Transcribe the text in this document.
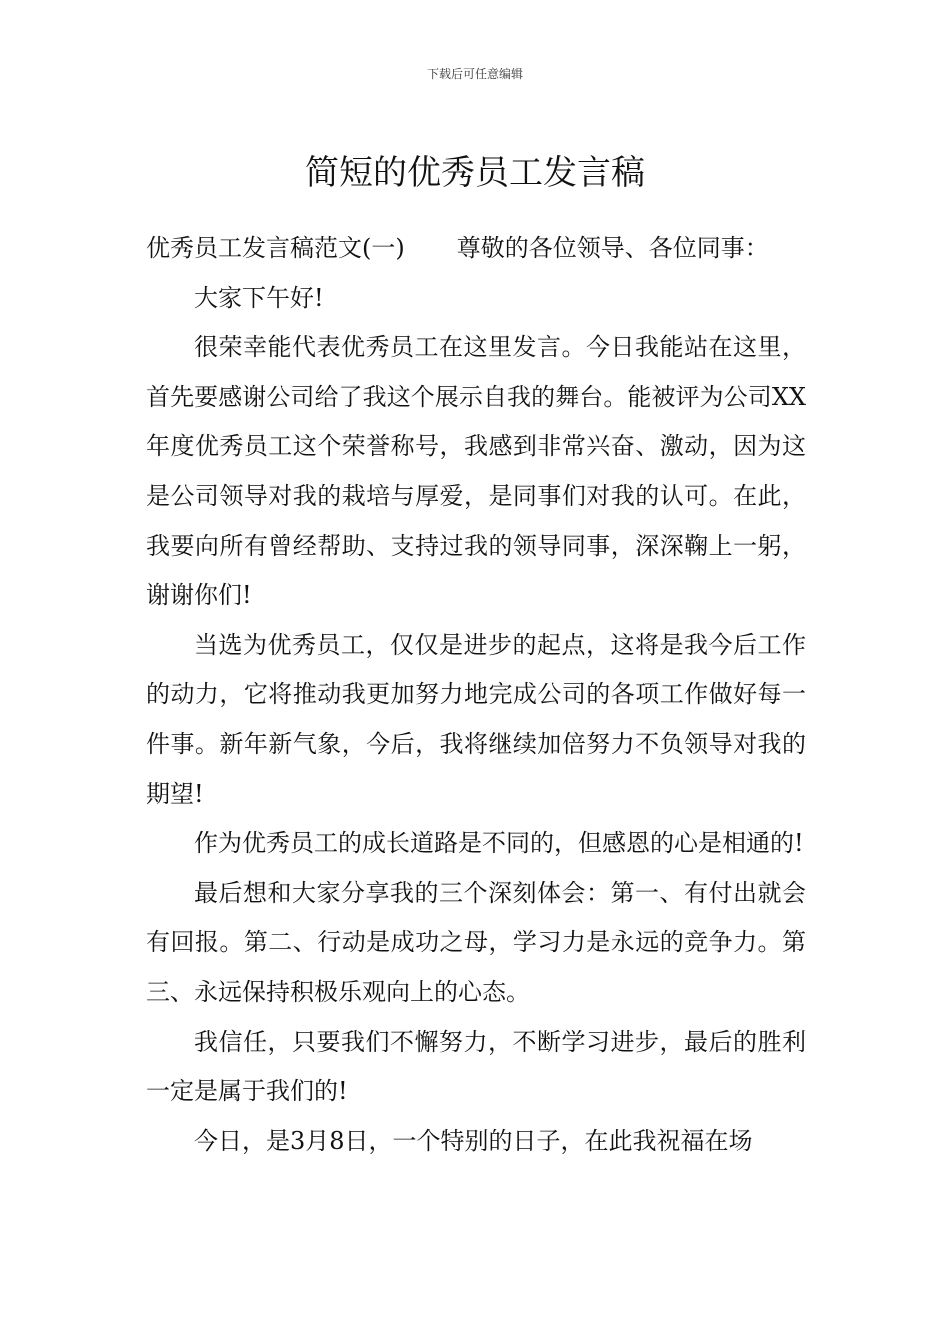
下载后可任意编辑
简短的优秀员工发言稿

优秀员工发言稿范文(一) 尊敬的各位领导、各位同事：

大家下午好!

很荣幸能代表优秀员工在这里发言。今日我能站在这里，首先要感谢公司给了我这个展示自我的舞台。能被评为公司XX年度优秀员工这个荣誉称号，我感到非常兴奋、激动，因为这是公司领导对我的栽培与厚爱，是同事们对我的认可。在此，我要向所有曾经帮助、支持过我的领导同事，深深鞠上一躬，谢谢你们!

当选为优秀员工，仅仅是进步的起点，这将是我今后工作的动力，它将推动我更加努力地完成公司的各项工作做好每一件事。新年新气象，今后，我将继续加倍努力不负领导对我的期望!

作为优秀员工的成长道路是不同的，但感恩的心是相通的!

最后想和大家分享我的三个深刻体会：第一、有付出就会有回报。第二、行动是成功之母，学习力是永远的竞争力。第三、永远保持积极乐观向上的心态。

我信任，只要我们不懈努力，不断学习进步，最后的胜利一定是属于我们的!

今日，是3月8日，一个特别的日子，在此我祝福在场
